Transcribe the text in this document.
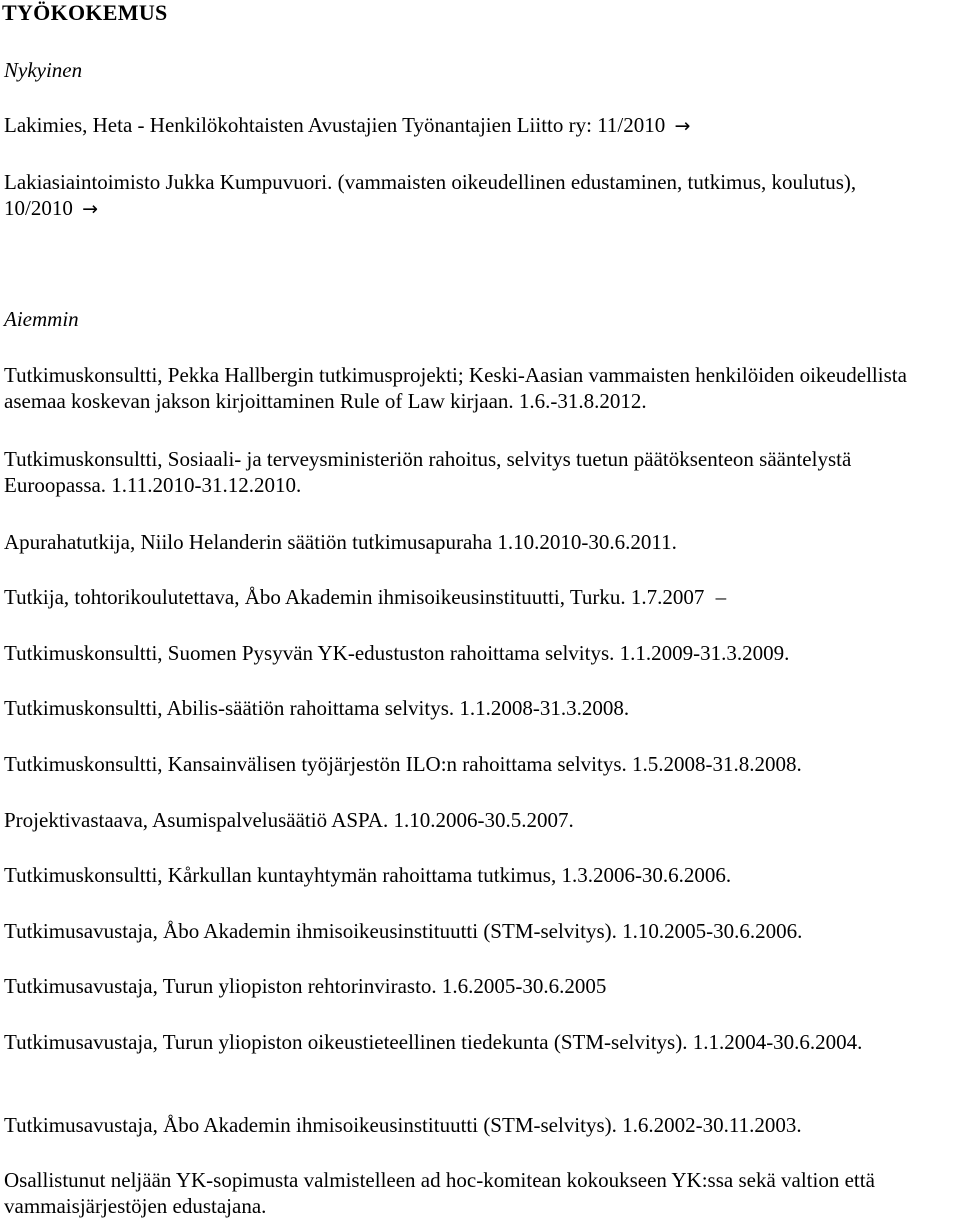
TYÖKOKEMUS
Nykyinen

Lakimies, Heta - Henkilökohtaisten Avustajien Työnantajien Liitto ry: 11/2010 →

Lakiasiaintoimisto Jukka Kumpuvuori. (vammaisten oikeudellinen edustaminen, tutkimus, koulutus), 10/2010 →

Aiemmin

Tutkimuskonsultti, Pekka Hallbergin tutkimusprojekti; Keski-Aasian vammaisten henkilöiden oikeudellista asemaa koskevan jakson kirjoittaminen Rule of Law kirjaan. 1.6.-31.8.2012.

Tutkimuskonsultti, Sosiaali- ja terveysministeriön rahoitus, selvitys tuetun päätöksenteon sääntelystä Euroopassa. 1.11.2010-31.12.2010.

Apurahatutkija, Niilo Helanderin säätiön tutkimusapuraha 1.10.2010-30.6.2011.

Tutkija, tohtorikoulutettava, Åbo Akademin ihmisoikeusinstituutti, Turku. 1.7.2007 –

Tutkimuskonsultti, Suomen Pysyvän YK-edustuston rahoittama selvitys. 1.1.2009-31.3.2009.

Tutkimuskonsultti, Abilis-säätiön rahoittama selvitys. 1.1.2008-31.3.2008.

Tutkimuskonsultti, Kansainvälisen työjärjestön ILO:n rahoittama selvitys. 1.5.2008-31.8.2008.

Projektivastaava, Asumispalvelusäätiö ASPA. 1.10.2006-30.5.2007.

Tutkimuskonsultti, Kårkullan kuntayhtymän rahoittama tutkimus, 1.3.2006-30.6.2006.

Tutkimusavustaja, Åbo Akademin ihmisoikeusinstituutti (STM-selvitys). 1.10.2005-30.6.2006.

Tutkimusavustaja, Turun yliopiston rehtorinvirasto. 1.6.2005-30.6.2005

Tutkimusavustaja, Turun yliopiston oikeustieteellinen tiedekunta (STM-selvitys). 1.1.2004-30.6.2004.

Tutkimusavustaja, Åbo Akademin ihmisoikeusinstituutti (STM-selvitys). 1.6.2002-30.11.2003.

Osallistunut neljään YK-sopimusta valmistelleen ad hoc-komitean kokoukseen YK:ssa sekä valtion että vammaisjärjestöjen edustajana.
